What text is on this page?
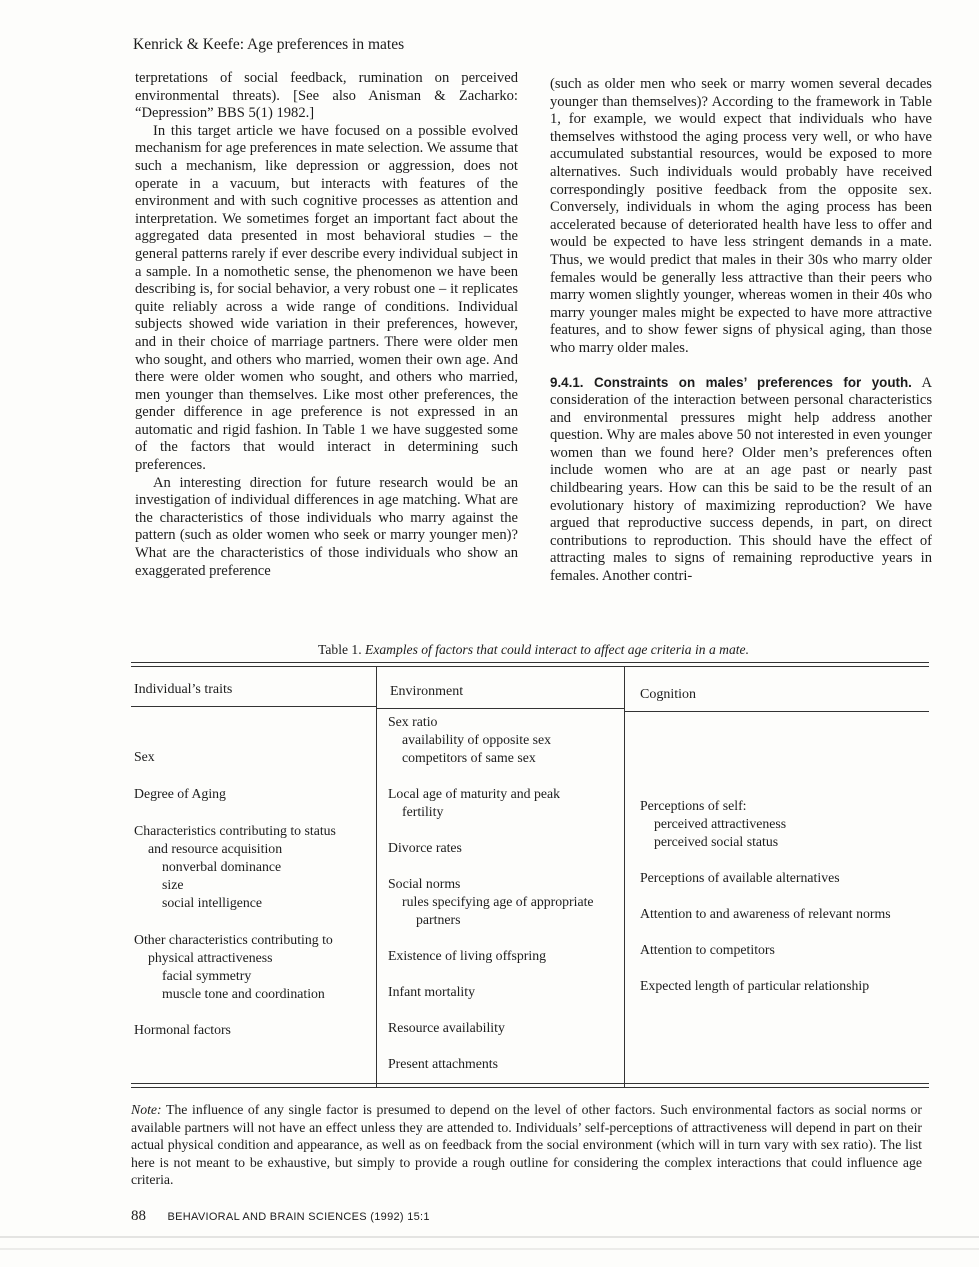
Kenrick & Keefe: Age preferences in mates

terpretations of social feedback, rumination on perceived environmental threats). [See also Anisman & Zacharko: “Depression” BBS 5(1) 1982.]

In this target article we have focused on a possible evolved mechanism for age preferences in mate selection. We assume that such a mechanism, like depression or aggression, does not operate in a vacuum, but interacts with features of the environment and with such cognitive processes as attention and interpretation. We sometimes forget an important fact about the aggregated data presented in most behavioral studies – the general patterns rarely if ever describe every individual subject in a sample. In a nomothetic sense, the phenomenon we have been describing is, for social behavior, a very robust one – it replicates quite reliably across a wide range of conditions. Individual subjects showed wide variation in their preferences, however, and in their choice of marriage partners. There were older men who sought, and others who married, women their own age. And there were older women who sought, and others who married, men younger than themselves. Like most other preferences, the gender difference in age preference is not expressed in an automatic and rigid fashion. In Table 1 we have suggested some of the factors that would interact in determining such preferences.

An interesting direction for future research would be an investigation of individual differences in age matching. What are the characteristics of those individuals who marry against the pattern (such as older women who seek or marry younger men)? What are the characteristics of those individuals who show an exaggerated preference

(such as older men who seek or marry women several decades younger than themselves)? According to the framework in Table 1, for example, we would expect that individuals who have themselves withstood the aging process very well, or who have accumulated substantial resources, would be exposed to more alternatives. Such individuals would probably have received correspondingly positive feedback from the opposite sex. Conversely, individuals in whom the aging process has been accelerated because of deteriorated health have less to offer and would be expected to have less stringent demands in a mate. Thus, we would predict that males in their 30s who marry older females would be generally less attractive than their peers who marry women slightly younger, whereas women in their 40s who marry younger males might be expected to have more attractive features, and to show fewer signs of physical aging, than those who marry older males.

9.4.1. Constraints on males’ preferences for youth. A consideration of the interaction between personal characteristics and environmental pressures might help address another question. Why are males above 50 not interested in even younger women than we found here? Older men’s preferences often include women who are at an age past or nearly past childbearing years. How can this be said to be the result of an evolutionary history of maximizing reproduction? We have argued that reproductive success depends, in part, on direct contributions to reproduction. This should have the effect of attracting males to signs of remaining reproductive years in females. Another contri-

Table 1. Examples of factors that could interact to affect age criteria in a mate.
Individual’s traits	Environment	Cognition
Sex
Degree of Aging
Characteristics contributing to status
and resource acquisition
nonverbal dominance
size
social intelligence
Other characteristics contributing to
physical attractiveness
facial symmetry
muscle tone and coordination
Hormonal factors
Sex ratio
availability of opposite sex
competitors of same sex
Local age of maturity and peak
fertility
Divorce rates
Social norms
rules specifying age of appropriate
partners
Existence of living offspring
Infant mortality
Resource availability
Present attachments
Perceptions of self:
perceived attractiveness
perceived social status
Perceptions of available alternatives
Attention to and awareness of relevant norms
Attention to competitors
Expected length of particular relationship
Note: The influence of any single factor is presumed to depend on the level of other factors. Such environmental factors as social norms or available partners will not have an effect unless they are attended to. Individuals’ self-perceptions of attractiveness will depend in part on their actual physical condition and appearance, as well as on feedback from the social environment (which will in turn vary with sex ratio). The list here is not meant to be exhaustive, but simply to provide a rough outline for considering the complex interactions that could influence age criteria.
88 BEHAVIORAL AND BRAIN SCIENCES (1992) 15:1
